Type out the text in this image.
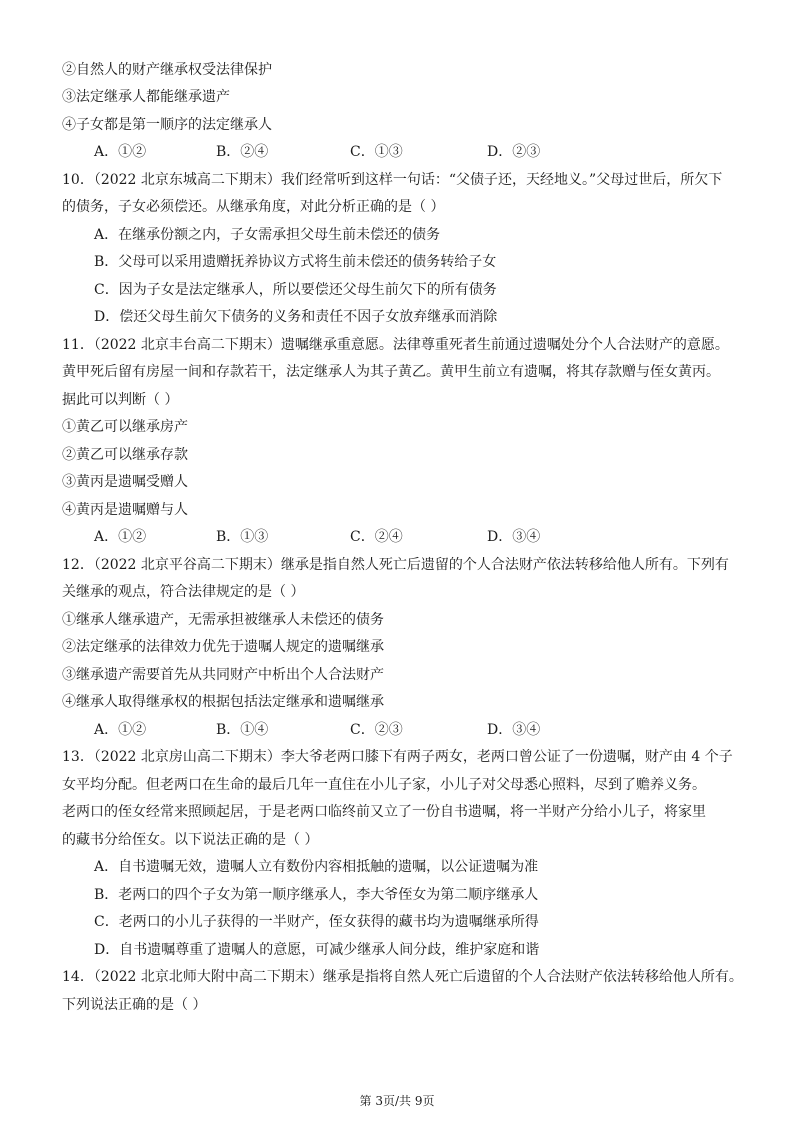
②自然人的财产继承权受法律保护
③法定继承人都能继承遗产
④子女都是第一顺序的法定继承人
A．①②	B．②④	C．①③	D．②③
10．（2022 北京东城高二下期末）我们经常听到这样一句话：“父债子还，天经地义。”父母过世后，所欠下
的债务，子女必须偿还。从继承角度，对此分析正确的是（ ）
A．在继承份额之内，子女需承担父母生前未偿还的债务
B．父母可以采用遗赠抚养协议方式将生前未偿还的债务转给子女
C．因为子女是法定继承人，所以要偿还父母生前欠下的所有债务
D．偿还父母生前欠下债务的义务和责任不因子女放弃继承而消除
11．（2022 北京丰台高二下期末）遗嘱继承重意愿。法律尊重死者生前通过遗嘱处分个人合法财产的意愿。
黄甲死后留有房屋一间和存款若干，法定继承人为其子黄乙。黄甲生前立有遗嘱，将其存款赠与侄女黄丙。
据此可以判断（ ）
①黄乙可以继承房产
②黄乙可以继承存款
③黄丙是遗嘱受赠人
④黄丙是遗嘱赠与人
A．①②	B．①③	C．②④	D．③④
12．（2022 北京平谷高二下期末）继承是指自然人死亡后遗留的个人合法财产依法转移给他人所有。下列有
关继承的观点，符合法律规定的是（ ）
①继承人继承遗产，无需承担被继承人未偿还的债务
②法定继承的法律效力优先于遗嘱人规定的遗嘱继承
③继承遗产需要首先从共同财产中析出个人合法财产
④继承人取得继承权的根据包括法定继承和遗嘱继承
A．①②	B．①④	C．②③	D．③④
13．（2022 北京房山高二下期末）李大爷老两口膝下有两子两女，老两口曾公证了一份遗嘱，财产由 4 个子
女平均分配。但老两口在生命的最后几年一直住在小儿子家，小儿子对父母悉心照料，尽到了赡养义务。
老两口的侄女经常来照顾起居，于是老两口临终前又立了一份自书遗嘱，将一半财产分给小儿子，将家里
的藏书分给侄女。以下说法正确的是（ ）
A．自书遗嘱无效，遗嘱人立有数份内容相抵触的遗嘱，以公证遗嘱为准
B．老两口的四个子女为第一顺序继承人，李大爷侄女为第二顺序继承人
C．老两口的小儿子获得的一半财产，侄女获得的藏书均为遗嘱继承所得
D．自书遗嘱尊重了遗嘱人的意愿，可减少继承人间分歧，维护家庭和谐
14．（2022 北京北师大附中高二下期末）继承是指将自然人死亡后遗留的个人合法财产依法转移给他人所有。
下列说法正确的是（ ）
第 3页/共 9页
